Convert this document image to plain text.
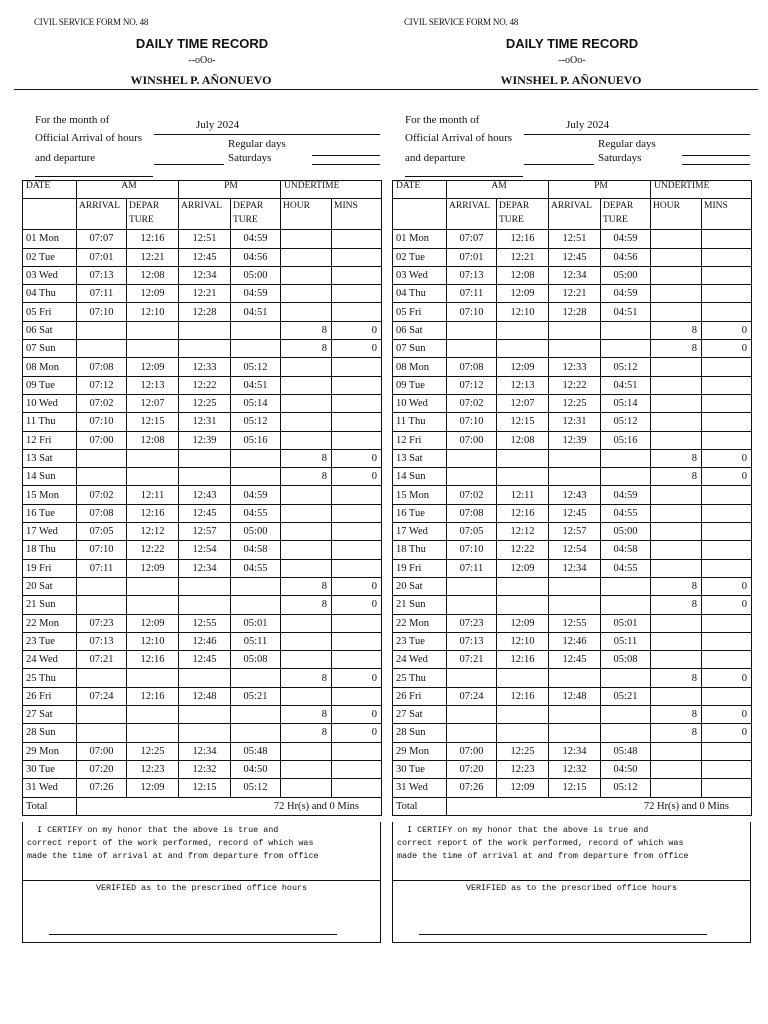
CIVIL SERVICE FORM NO. 48
DAILY TIME RECORD
--oOo-
WINSHEL P. AÑONUEVO
For the month of	July 2024
Official Arrival of hours
and departure
Regular days
Saturdays
DATE	AM		PM		UNDERTIME	
	ARRIVAL	DEPAR TURE	ARRIVAL	DEPAR TURE	HOUR	MINS
01 Mon	07:07	12:16	12:51	04:59		
02 Tue	07:01	12:21	12:45	04:56		
03 Wed	07:13	12:08	12:34	05:00		
04 Thu	07:11	12:09	12:21	04:59		
05 Fri	07:10	12:10	12:28	04:51		
06 Sat					8	0
07 Sun					8	0
08 Mon	07:08	12:09	12:33	05:12		
09 Tue	07:12	12:13	12:22	04:51		
10 Wed	07:02	12:07	12:25	05:14		
11 Thu	07:10	12:15	12:31	05:12		
12 Fri	07:00	12:08	12:39	05:16		
13 Sat					8	0
14 Sun					8	0
15 Mon	07:02	12:11	12:43	04:59		
16 Tue	07:08	12:16	12:45	04:55		
17 Wed	07:05	12:12	12:57	05:00		
18 Thu	07:10	12:22	12:54	04:58		
19 Fri	07:11	12:09	12:34	04:55		
20 Sat					8	0
21 Sun					8	0
22 Mon	07:23	12:09	12:55	05:01		
23 Tue	07:13	12:10	12:46	05:11		
24 Wed	07:21	12:16	12:45	05:08		
25 Thu					8	0
26 Fri	07:24	12:16	12:48	05:21		
27 Sat					8	0
28 Sun					8	0
29 Mon	07:00	12:25	12:34	05:48		
30 Tue	07:20	12:23	12:32	04:50		
31 Wed	07:26	12:09	12:15	05:12		
Total	72 Hr(s) and 0 Mins					
I CERTIFY on my honor that the above is true and
correct report of the work performed, record of which was
made the time of arrival at and from departure from office
VERIFIED as to the prescribed office hours
CIVIL SERVICE FORM NO. 48
DAILY TIME RECORD
--oOo-
WINSHEL P. AÑONUEVO
For the month of	July 2024
Official Arrival of hours
and departure
Regular days
Saturdays
DATE	AM		PM		UNDERTIME	
	ARRIVAL	DEPAR TURE	ARRIVAL	DEPAR TURE	HOUR	MINS
01 Mon	07:07	12:16	12:51	04:59		
02 Tue	07:01	12:21	12:45	04:56		
03 Wed	07:13	12:08	12:34	05:00		
04 Thu	07:11	12:09	12:21	04:59		
05 Fri	07:10	12:10	12:28	04:51		
06 Sat					8	0
07 Sun					8	0
08 Mon	07:08	12:09	12:33	05:12		
09 Tue	07:12	12:13	12:22	04:51		
10 Wed	07:02	12:07	12:25	05:14		
11 Thu	07:10	12:15	12:31	05:12		
12 Fri	07:00	12:08	12:39	05:16		
13 Sat					8	0
14 Sun					8	0
15 Mon	07:02	12:11	12:43	04:59		
16 Tue	07:08	12:16	12:45	04:55		
17 Wed	07:05	12:12	12:57	05:00		
18 Thu	07:10	12:22	12:54	04:58		
19 Fri	07:11	12:09	12:34	04:55		
20 Sat					8	0
21 Sun					8	0
22 Mon	07:23	12:09	12:55	05:01		
23 Tue	07:13	12:10	12:46	05:11		
24 Wed	07:21	12:16	12:45	05:08		
25 Thu					8	0
26 Fri	07:24	12:16	12:48	05:21		
27 Sat					8	0
28 Sun					8	0
29 Mon	07:00	12:25	12:34	05:48		
30 Tue	07:20	12:23	12:32	04:50		
31 Wed	07:26	12:09	12:15	05:12		
Total	72 Hr(s) and 0 Mins					
I CERTIFY on my honor that the above is true and
correct report of the work performed, record of which was
made the time of arrival at and from departure from office
VERIFIED as to the prescribed office hours
